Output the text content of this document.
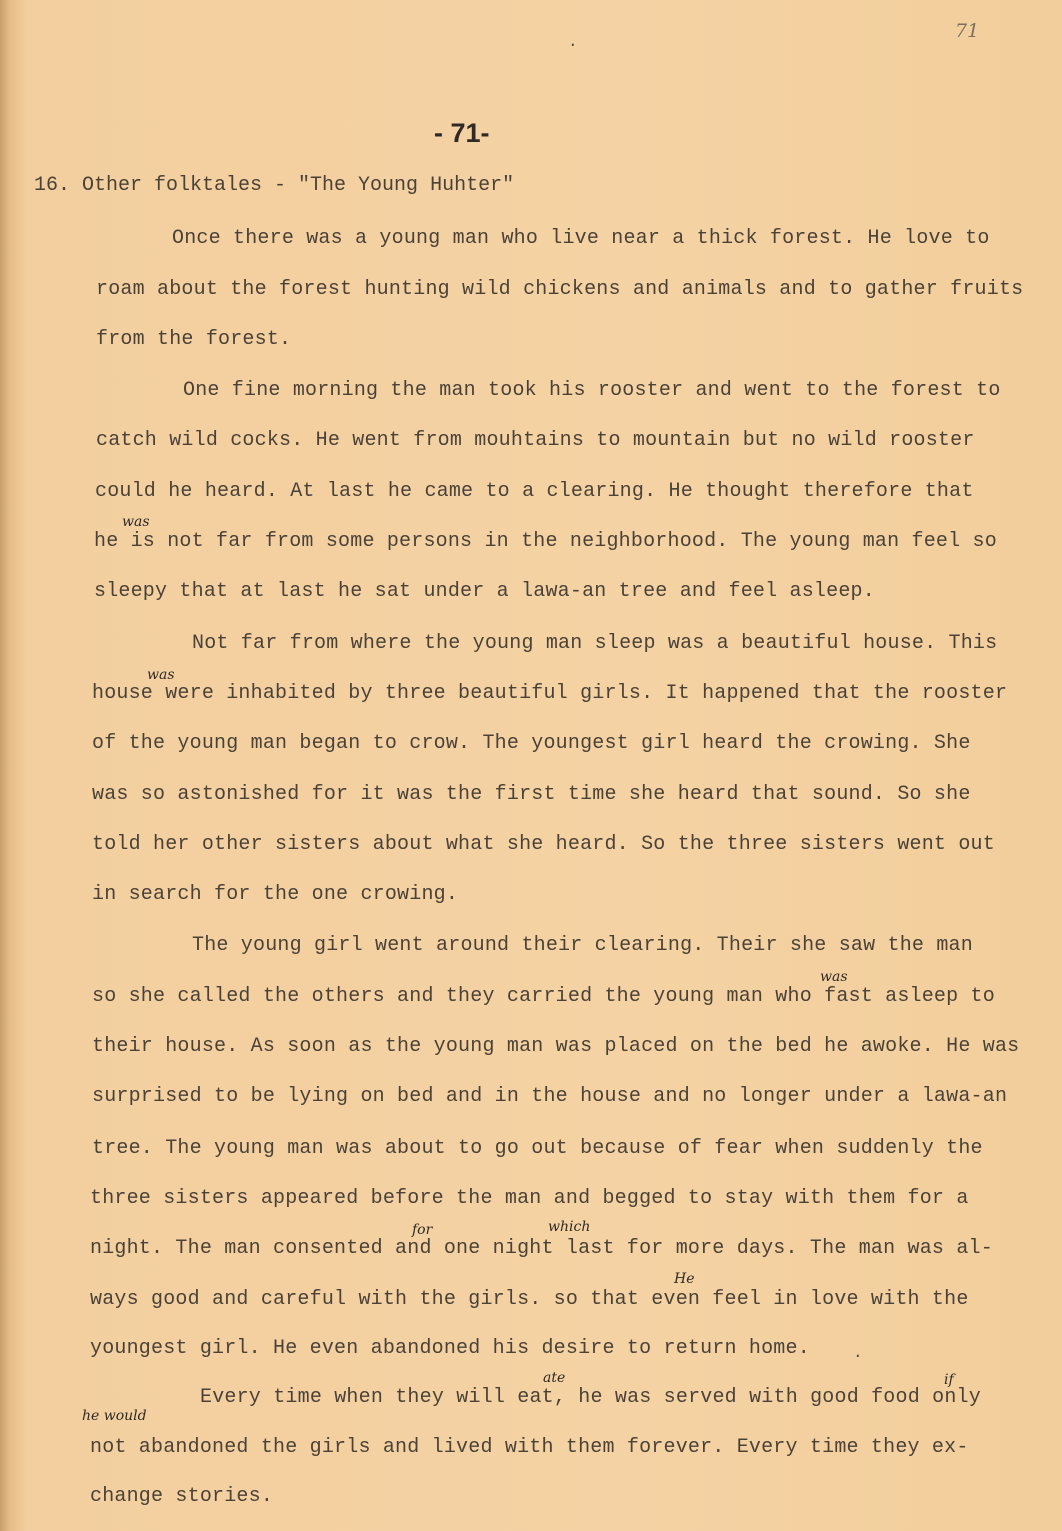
71
- 71-
16. Other folktales - "The Young Huhter"
Once there was a young man who live near a thick forest. He love to
roam about the forest hunting wild chickens and animals and to gather fruits
from the forest.
One fine morning the man took his rooster and went to the forest to
catch wild cocks. He went from mouhtains to mountain but no wild rooster
could he heard. At last he came to a clearing. He thought therefore that
he is not far from some persons in the neighborhood. The young man feel so
sleepy that at last he sat under a lawa-an tree and feel asleep.
Not far from where the young man sleep was a beautiful house. This
house were inhabited by three beautiful girls. It happened that the rooster
of the young man began to crow. The youngest girl heard the crowing. She
was so astonished for it was the first time she heard that sound. So she
told her other sisters about what she heard. So the three sisters went out
in search for the one crowing.
The young girl went around their clearing. Their she saw the man
so she called the others and they carried the young man who fast asleep to
their house. As soon as the young man was placed on the bed he awoke. He was
surprised to be lying on bed and in the house and no longer under a lawa-an
tree. The young man was about to go out because of fear when suddenly the
three sisters appeared before the man and begged to stay with them for a
night. The man consented and one night last for more days. The man was al-
ways good and careful with the girls. so that even feel in love with the
youngest girl. He even abandoned his desire to return home.
Every time when they will eat, he was served with good food only
not abandoned the girls and lived with them forever. Every time they ex-
change stories.
was
was
was
for	which
He
ate	if
he would
·
·
